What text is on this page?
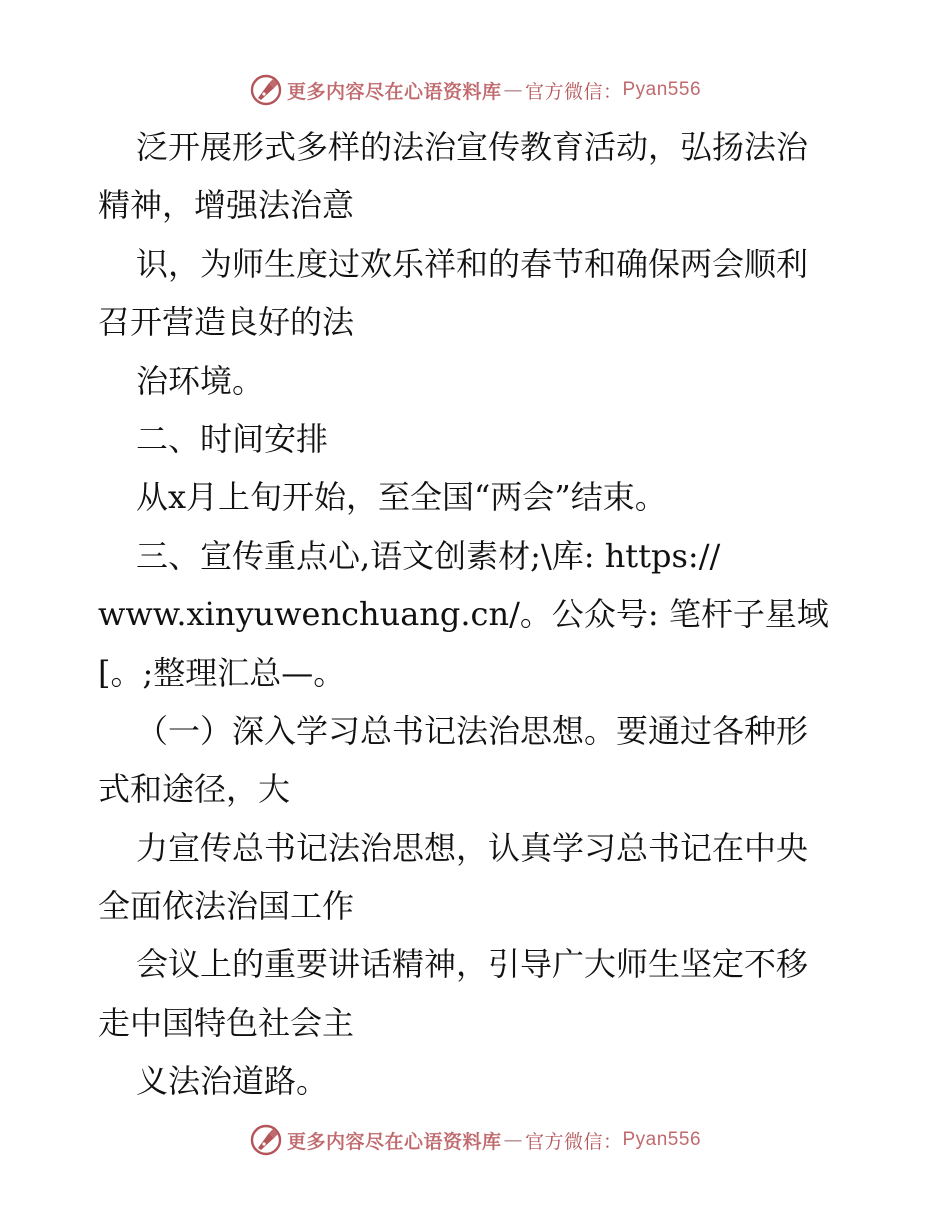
更多内容尽在心语资料库 — 官方微信： Pyan556
泛开展形式多样的法治宣传教育活动，弘扬法治
精神，增强法治意
识，为师生度过欢乐祥和的春节和确保两会顺利
召开营造良好的法
治环境。
二、时间安排
从x月上旬开始，至全国“两会”结束。
三、宣传重点心,语文创素材;\库: https://
www.xinyuwenchuang.cn/。公众号: 笔杆子星域
[。;整理汇总—。
（一）深入学习总书记法治思想。要通过各种形
式和途径，大
力宣传总书记法治思想，认真学习总书记在中央
全面依法治国工作
会议上的重要讲话精神，引导广大师生坚定不移
走中国特色社会主
义法治道路。
更多内容尽在心语资料库 — 官方微信： Pyan556
